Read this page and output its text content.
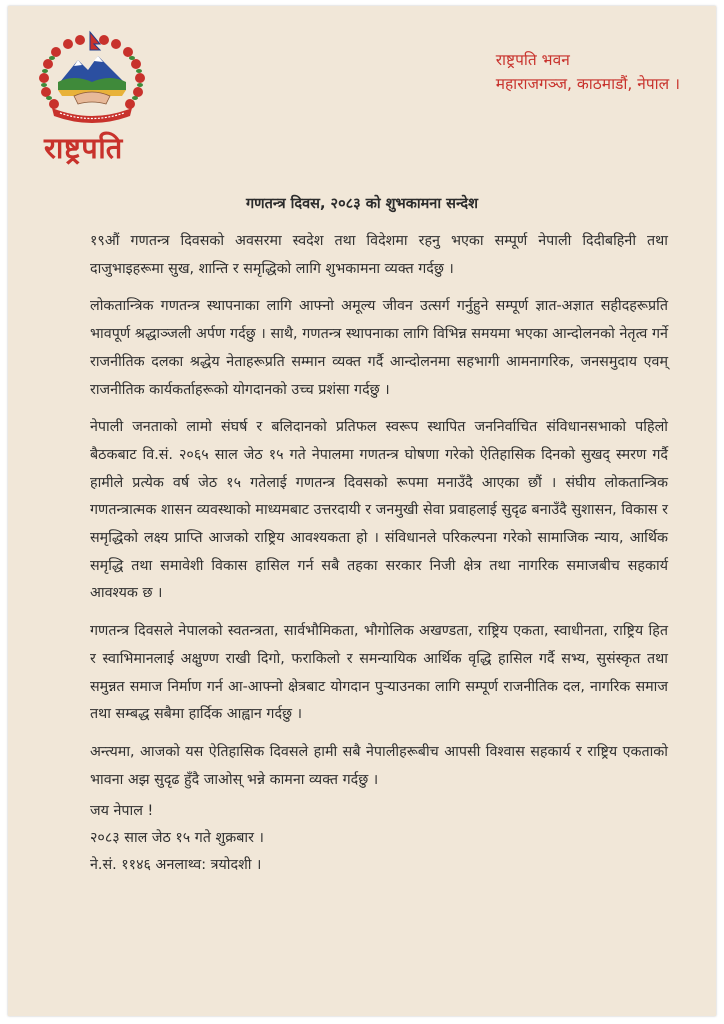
राष्ट्रपति
राष्ट्रपति भवन
महाराजगञ्ज, काठमाडौं, नेपाल ।
गणतन्त्र दिवस, २०८३ को शुभकामना सन्देश

१९औं गणतन्त्र दिवसको अवसरमा स्वदेश तथा विदेशमा रहनु भएका सम्पूर्ण नेपाली दिदीबहिनी तथा दाजुभाइहरूमा सुख, शान्ति र समृद्धिको लागि शुभकामना व्यक्त गर्दछु ।

लोकतान्त्रिक गणतन्त्र स्थापनाका लागि आफ्नो अमूल्य जीवन उत्सर्ग गर्नुहुने सम्पूर्ण ज्ञात-अज्ञात सहीदहरूप्रति भावपूर्ण श्रद्धाञ्जली अर्पण गर्दछु । साथै, गणतन्त्र स्थापनाका लागि विभिन्न समयमा भएका आन्दोलनको नेतृत्व गर्ने राजनीतिक दलका श्रद्धेय नेताहरूप्रति सम्मान व्यक्त गर्दै आन्दोलनमा सहभागी आमनागरिक, जनसमुदाय एवम् राजनीतिक कार्यकर्ताहरूको योगदानको उच्च प्रशंसा गर्दछु ।

नेपाली जनताको लामो संघर्ष र बलिदानको प्रतिफल स्वरूप स्थापित जननिर्वाचित संविधानसभाको पहिलो बैठकबाट वि.सं. २०६५ साल जेठ १५ गते नेपालमा गणतन्त्र घोषणा गरेको ऐतिहासिक दिनको सुखद् स्मरण गर्दै हामीले प्रत्येक वर्ष जेठ १५ गतेलाई गणतन्त्र दिवसको रूपमा मनाउँदै आएका छौं । संघीय लोकतान्त्रिक गणतन्त्रात्मक शासन व्यवस्थाको माध्यमबाट उत्तरदायी र जनमुखी सेवा प्रवाहलाई सुदृढ बनाउँदै सुशासन, विकास र समृद्धिको लक्ष्य प्राप्ति आजको राष्ट्रिय आवश्यकता हो । संविधानले परिकल्पना गरेको सामाजिक न्याय, आर्थिक समृद्धि तथा समावेशी विकास हासिल गर्न सबै तहका सरकार निजी क्षेत्र तथा नागरिक समाजबीच सहकार्य आवश्यक छ ।

गणतन्त्र दिवसले नेपालको स्वतन्त्रता, सार्वभौमिकता, भौगोलिक अखण्डता, राष्ट्रिय एकता, स्वाधीनता, राष्ट्रिय हित र स्वाभिमानलाई अक्षुण्ण राखी दिगो, फराकिलो र समन्यायिक आर्थिक वृद्धि हासिल गर्दै सभ्य, सुसंस्कृत तथा समुन्नत समाज निर्माण गर्न आ-आफ्नो क्षेत्रबाट योगदान पुर्‍याउनका लागि सम्पूर्ण राजनीतिक दल, नागरिक समाज तथा सम्बद्ध सबैमा हार्दिक आह्वान गर्दछु ।

अन्त्यमा, आजको यस ऐतिहासिक दिवसले हामी सबै नेपालीहरूबीच आपसी विश्वास सहकार्य र राष्ट्रिय एकताको भावना अझ सुदृढ हुँदै जाओस् भन्ने कामना व्यक्त गर्दछु ।

जय नेपाल !
२०८३ साल जेठ १५ गते शुक्रबार ।
ने.सं. ११४६ अनलाथ्व: त्रयोदशी ।
